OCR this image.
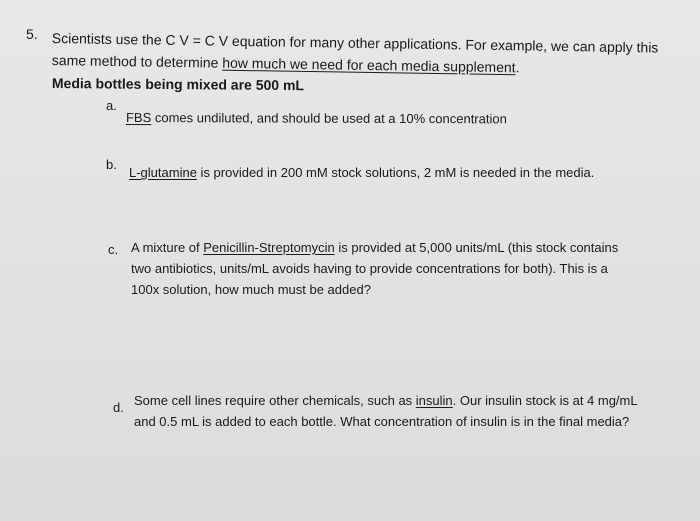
5. Scientists use the C V = C V equation for many other applications. For example, we can apply this
same method to determine how much we need for each media supplement.
Media bottles being mixed are 500 mL
a.
FBS comes undiluted, and should be used at a 10% concentration
b.
L-glutamine is provided in 200 mM stock solutions, 2 mM is needed in the media.
c. A mixture of Penicillin-Streptomycin is provided at 5,000 units/mL (this stock contains
two antibiotics, units/mL avoids having to provide concentrations for both). This is a
100x solution, how much must be added?
d. Some cell lines require other chemicals, such as insulin. Our insulin stock is at 4 mg/mL
and 0.5 mL is added to each bottle. What concentration of insulin is in the final media?
